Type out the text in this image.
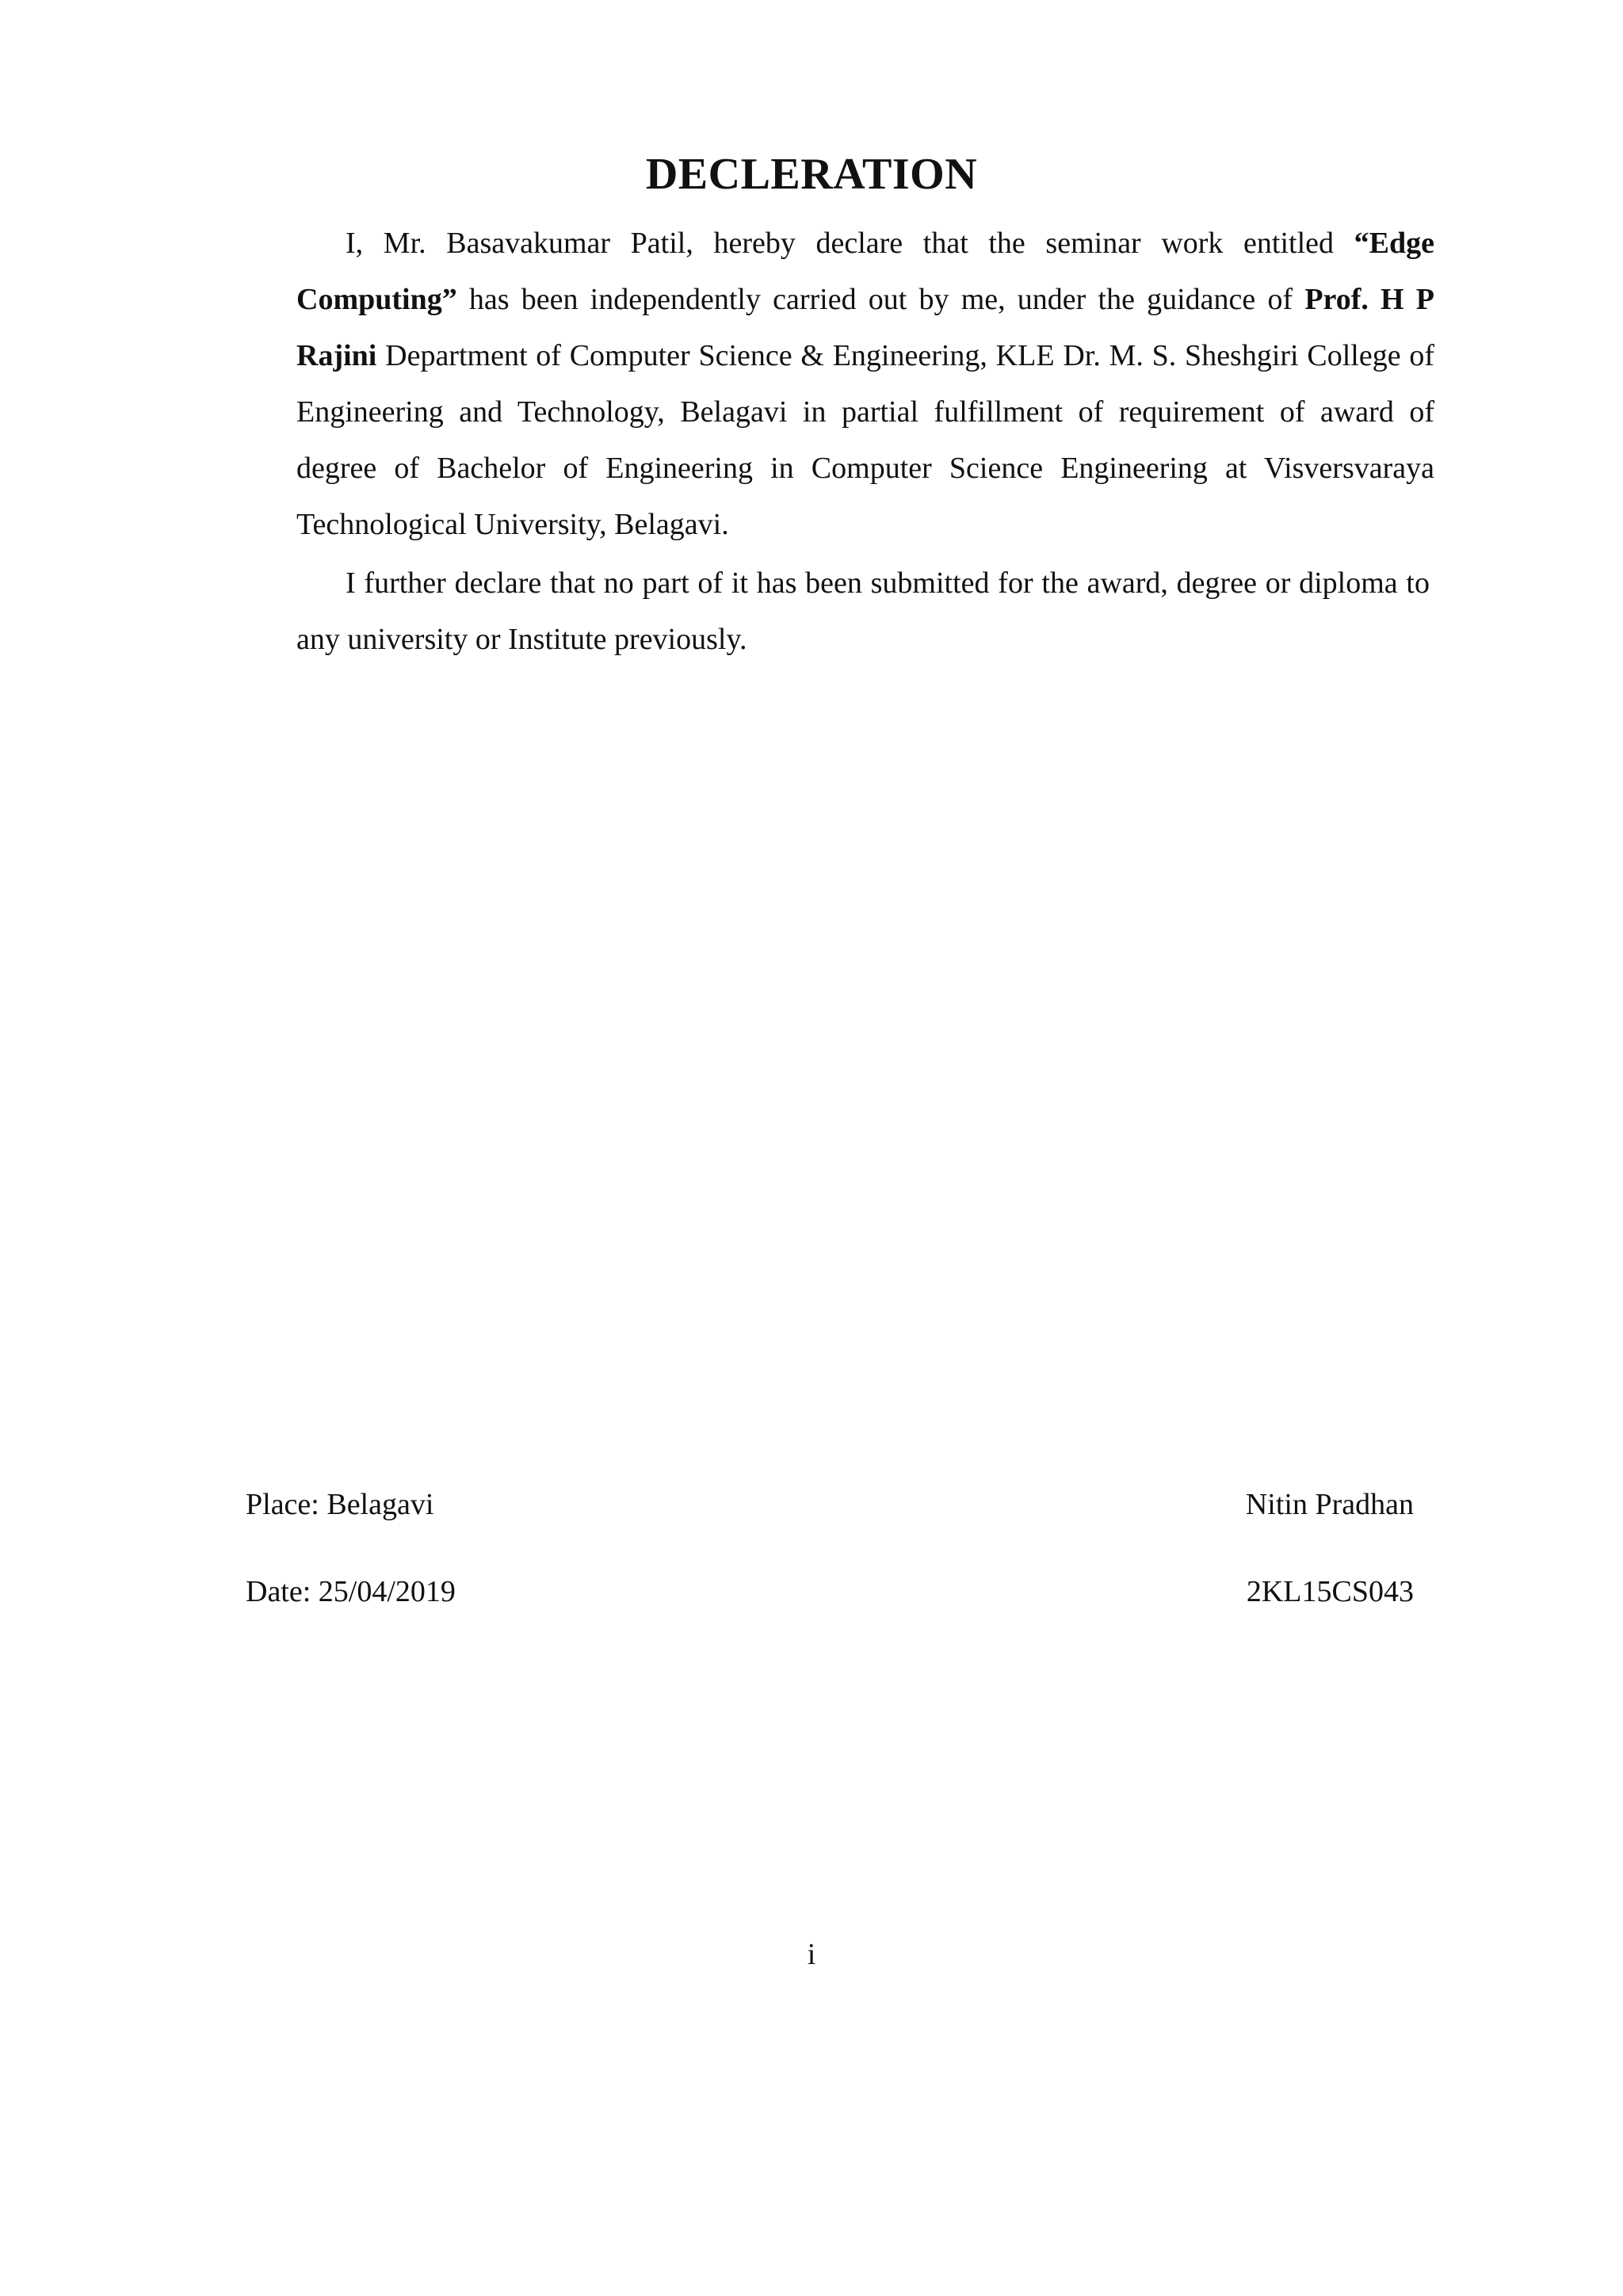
DECLERATION

I, Mr. Basavakumar Patil, hereby declare that the seminar work entitled “Edge Computing” has been independently carried out by me, under the guidance of Prof. H P Rajini Department of Computer Science & Engineering, KLE Dr. M. S. Sheshgiri College of Engineering and Technology, Belagavi in partial fulfillment of requirement of award of degree of Bachelor of Engineering in Computer Science Engineering at Visversvaraya Technological University, Belagavi.

I further declare that no part of it has been submitted for the award, degree or diploma to any university or Institute previously.

Place: Belagavi	Nitin Pradhan
Date: 25/04/2019	2KL15CS043
i
